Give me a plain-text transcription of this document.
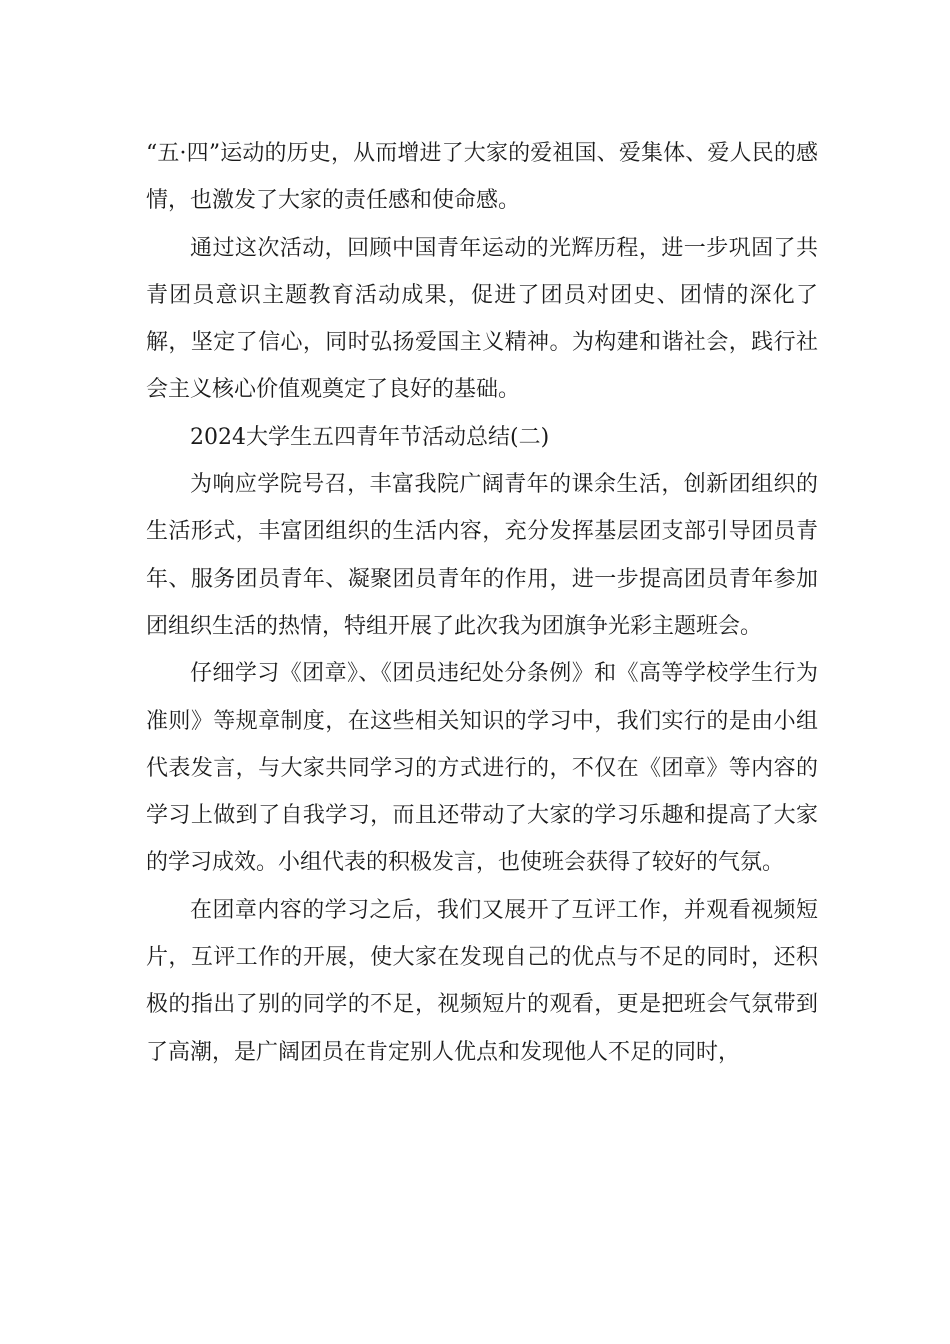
“五·四”运动的历史，从而增进了大家的爱祖国、爱集体、爱人民的感情，也激发了大家的责任感和使命感。

通过这次活动，回顾中国青年运动的光辉历程，进一步巩固了共青团员意识主题教育活动成果，促进了团员对团史、团情的深化了解，坚定了信心，同时弘扬爱国主义精神。为构建和谐社会，践行社会主义核心价值观奠定了良好的基础。

2024大学生五四青年节活动总结(二)

为响应学院号召，丰富我院广阔青年的课余生活，创新团组织的生活形式，丰富团组织的生活内容，充分发挥基层团支部引导团员青年、服务团员青年、凝聚团员青年的作用，进一步提高团员青年参加团组织生活的热情，特组开展了此次我为团旗争光彩主题班会。

仔细学习《团章》、《团员违纪处分条例》和《高等学校学生行为准则》等规章制度，在这些相关知识的学习中，我们实行的是由小组代表发言，与大家共同学习的方式进行的，不仅在《团章》等内容的学习上做到了自我学习，而且还带动了大家的学习乐趣和提高了大家的学习成效。小组代表的积极发言，也使班会获得了较好的气氛。

在团章内容的学习之后，我们又展开了互评工作，并观看视频短片，互评工作的开展，使大家在发现自己的优点与不足的同时，还积极的指出了别的同学的不足，视频短片的观看，更是把班会气氛带到了高潮，是广阔团员在肯定别人优点和发现他人不足的同时，
